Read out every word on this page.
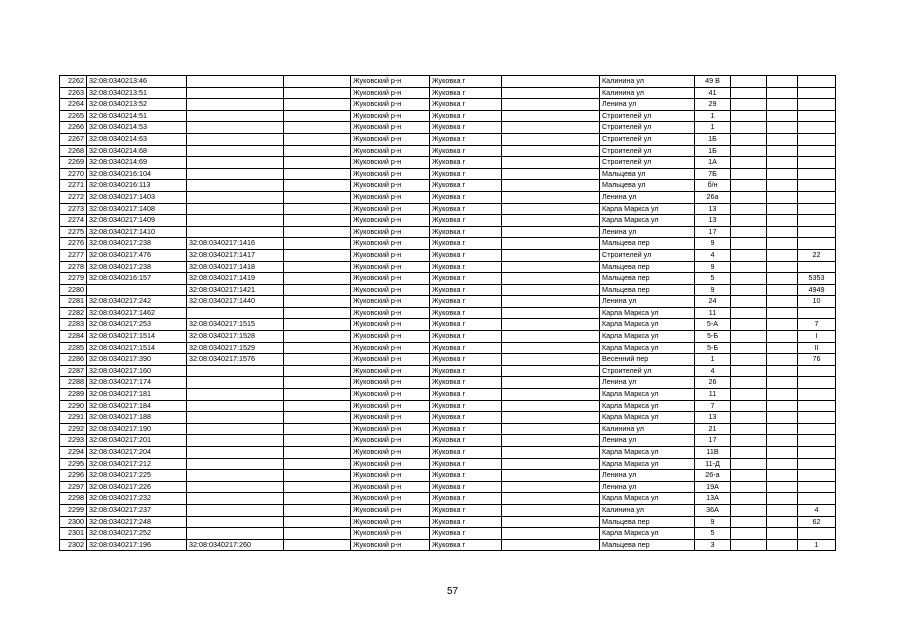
2262	32:08:0340213:46			Жуковский р-н	Жуковка г		Калинина ул	49 В			
2263	32:08:0340213:51			Жуковский р-н	Жуковка г		Калинина ул	41			
2264	32:08:0340213:52			Жуковский р-н	Жуковка г		Ленина ул	29			
2265	32:08:0340214:51			Жуковский р-н	Жуковка г		Строителей ул	1			
2266	32:08:0340214:53			Жуковский р-н	Жуковка г		Строителей ул	1			
2267	32:08:0340214:63			Жуковский р-н	Жуковка г		Строителей ул	1Б			
2268	32:08:0340214:68			Жуковский р-н	Жуковка г		Строителей ул	1Б			
2269	32:08:0340214:69			Жуковский р-н	Жуковка г		Строителей ул	1А			
2270	32:08:0340216:104			Жуковский р-н	Жуковка г		Мальцева ул	7Б			
2271	32:08:0340216:113			Жуковский р-н	Жуковка г		Мальцева ул	б/н			
2272	32:08:0340217:1403			Жуковский р-н	Жуковка г		Ленина ул	26а			
2273	32:08:0340217:1408			Жуковский р-н	Жуковка г		Карла Маркса ул	13			
2274	32:08:0340217:1409			Жуковский р-н	Жуковка г		Карла Маркса ул	13			
2275	32:08:0340217:1410			Жуковский р-н	Жуковка г		Ленина ул	17			
2276	32:08:0340217:238	32:08:0340217:1416		Жуковский р-н	Жуковка г		Мальцева пер	9			
2277	32:08:0340217:476	32:08:0340217:1417		Жуковский р-н	Жуковка г		Строителей ул	4			22
2278	32:08:0340217:238	32:08:0340217:1418		Жуковский р-н	Жуковка г		Мальцева пер	9			
2279	32:08:0340216:157	32:08:0340217:1419		Жуковский р-н	Жуковка г		Мальцева пер	5			5353
2280		32:08:0340217:1421		Жуковский р-н	Жуковка г		Мальцева пер	9			4949
2281	32:08:0340217:242	32:08:0340217:1440		Жуковский р-н	Жуковка г		Ленина ул	24			10
2282	32:08:0340217:1462			Жуковский р-н	Жуковка г		Карла Маркса ул	11			
2283	32:08:0340217:253	32:08:0340217:1515		Жуковский р-н	Жуковка г		Карла Маркса ул	5-А			7
2284	32:08:0340217:1514	32:08:0340217:1528		Жуковский р-н	Жуковка г		Карла Маркса ул	5-Б			I
2285	32:08:0340217:1514	32:08:0340217:1529		Жуковский р-н	Жуковка г		Карла Маркса ул	5-Б			II
2286	32:08:0340217:390	32:08:0340217:1576		Жуковский р-н	Жуковка г		Весенний пер	1			76
2287	32:08:0340217:160			Жуковский р-н	Жуковка г		Строителей ул	4			
2288	32:08:0340217:174			Жуковский р-н	Жуковка г		Ленина ул	26			
2289	32:08:0340217:181			Жуковский р-н	Жуковка г		Карла Маркса ул	11			
2290	32:08:0340217:184			Жуковский р-н	Жуковка г		Карла Маркса ул	7			
2291	32:08:0340217:188			Жуковский р-н	Жуковка г		Карла Маркса ул	13			
2292	32:08:0340217:190			Жуковский р-н	Жуковка г		Калинина ул	21			
2293	32:08:0340217:201			Жуковский р-н	Жуковка г		Ленина ул	17			
2294	32:08:0340217:204			Жуковский р-н	Жуковка г		Карла Маркса ул	11В			
2295	32:08:0340217:212			Жуковский р-н	Жуковка г		Карла Маркса ул	11-Д			
2296	32:08:0340217:225			Жуковский р-н	Жуковка г		Ленина ул	26-а			
2297	32:08:0340217:226			Жуковский р-н	Жуковка г		Ленина ул	19А			
2298	32:08:0340217:232			Жуковский р-н	Жуковка г		Карла Маркса ул	13А			
2299	32:08:0340217:237			Жуковский р-н	Жуковка г		Калинина ул	36А			4
2300	32:08:0340217:248			Жуковский р-н	Жуковка г		Мальцева пер	9			62
2301	32:08:0340217:252			Жуковский р-н	Жуковка г		Карла Маркса ул	5			
2302	32:08:0340217:196	32:08:0340217:260		Жуковский р-н	Жуковка г		Мальцева пер	3			1
57
